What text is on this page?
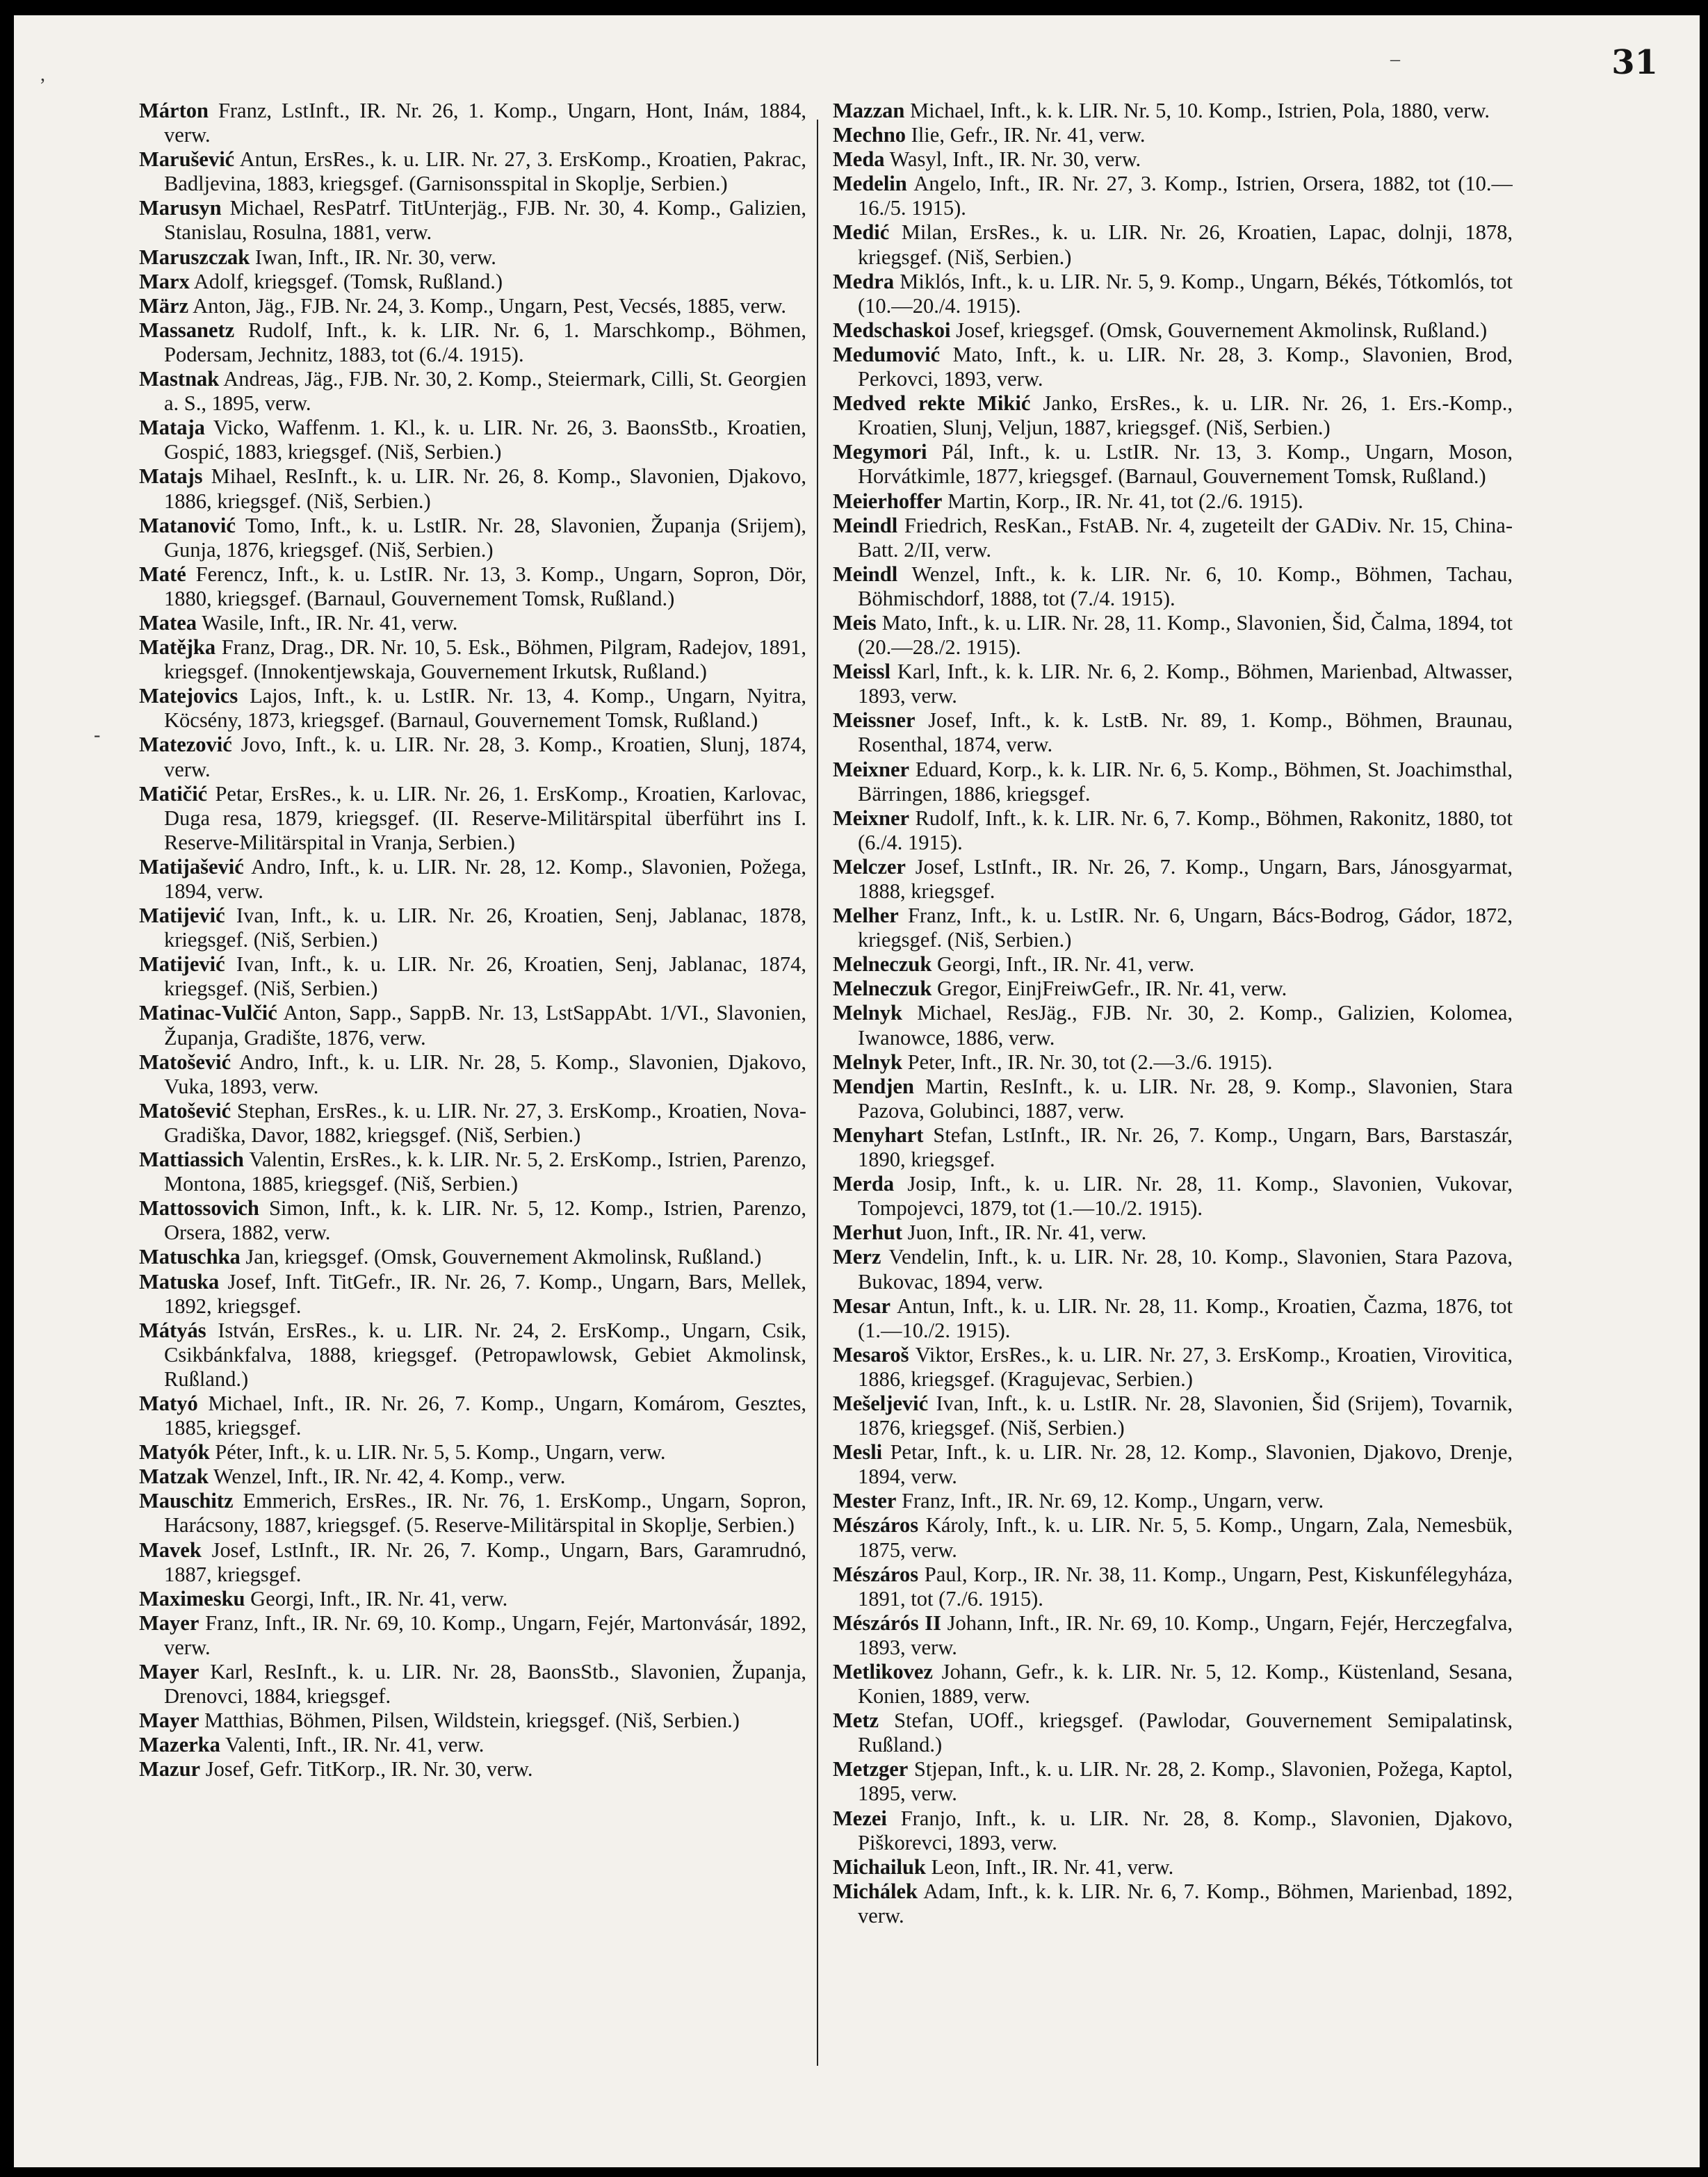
31
,
-
–

Márton Franz, LstInft., IR. Nr. 26, 1. Komp., Ungarn, Hont, Ináм, 1884, verw.

Marušević Antun, ErsRes., k. u. LIR. Nr. 27, 3. ErsKomp., Kroatien, Pakrac, Badljevina, 1883, kriegsgef. (Garnisonsspital in Skoplje, Serbien.)

Marusyn Michael, ResPatrf. TitUnterjäg., FJB. Nr. 30, 4. Komp., Galizien, Stanislau, Rosulna, 1881, verw.

Maruszczak Iwan, Inft., IR. Nr. 30, verw.

Marx Adolf, kriegsgef. (Tomsk, Rußland.)

März Anton, Jäg., FJB. Nr. 24, 3. Komp., Ungarn, Pest, Vecsés, 1885, verw.

Massanetz Rudolf, Inft., k. k. LIR. Nr. 6, 1. Marschkomp., Böhmen, Podersam, Jechnitz, 1883, tot (6./4. 1915).

Mastnak Andreas, Jäg., FJB. Nr. 30, 2. Komp., Steiermark, Cilli, St. Georgien a. S., 1895, verw.

Mataja Vicko, Waffenm. 1. Kl., k. u. LIR. Nr. 26, 3. BaonsStb., Kroatien, Gospić, 1883, kriegsgef. (Niš, Serbien.)

Matajs Mihael, ResInft., k. u. LIR. Nr. 26, 8. Komp., Slavonien, Djakovo, 1886, kriegsgef. (Niš, Serbien.)

Matanović Tomo, Inft., k. u. LstIR. Nr. 28, Slavonien, Županja (Srijem), Gunja, 1876, kriegsgef. (Niš, Serbien.)

Maté Ferencz, Inft., k. u. LstIR. Nr. 13, 3. Komp., Ungarn, Sopron, Dör, 1880, kriegsgef. (Barnaul, Gouvernement Tomsk, Rußland.)

Matea Wasile, Inft., IR. Nr. 41, verw.

Matějka Franz, Drag., DR. Nr. 10, 5. Esk., Böhmen, Pilgram, Radejov, 1891, kriegsgef. (Innokentjewskaja, Gouvernement Irkutsk, Rußland.)

Matejovics Lajos, Inft., k. u. LstIR. Nr. 13, 4. Komp., Ungarn, Nyitra, Köcsény, 1873, kriegsgef. (Barnaul, Gouvernement Tomsk, Rußland.)

Matezović Jovo, Inft., k. u. LIR. Nr. 28, 3. Komp., Kroatien, Slunj, 1874, verw.

Matičić Petar, ErsRes., k. u. LIR. Nr. 26, 1. ErsKomp., Kroatien, Karlovac, Duga resa, 1879, kriegsgef. (II. Reserve-Militärspital überführt ins I. Reserve-Militärspital in Vranja, Serbien.)

Matijašević Andro, Inft., k. u. LIR. Nr. 28, 12. Komp., Slavonien, Požega, 1894, verw.

Matijević Ivan, Inft., k. u. LIR. Nr. 26, Kroatien, Senj, Jablanac, 1878, kriegsgef. (Niš, Serbien.)

Matijević Ivan, Inft., k. u. LIR. Nr. 26, Kroatien, Senj, Jablanac, 1874, kriegsgef. (Niš, Serbien.)

Matinac-Vulčić Anton, Sapp., SappB. Nr. 13, LstSappAbt. 1/VI., Slavonien, Županja, Gradište, 1876, verw.

Matošević Andro, Inft., k. u. LIR. Nr. 28, 5. Komp., Slavonien, Djakovo, Vuka, 1893, verw.

Matošević Stephan, ErsRes., k. u. LIR. Nr. 27, 3. ErsKomp., Kroatien, Nova-Gradiška, Davor, 1882, kriegsgef. (Niš, Serbien.)

Mattiassich Valentin, ErsRes., k. k. LIR. Nr. 5, 2. ErsKomp., Istrien, Parenzo, Montona, 1885, kriegsgef. (Niš, Serbien.)

Mattossovich Simon, Inft., k. k. LIR. Nr. 5, 12. Komp., Istrien, Parenzo, Orsera, 1882, verw.

Matuschka Jan, kriegsgef. (Omsk, Gouvernement Akmolinsk, Rußland.)

Matuska Josef, Inft. TitGefr., IR. Nr. 26, 7. Komp., Ungarn, Bars, Mellek, 1892, kriegsgef.

Mátyás István, ErsRes., k. u. LIR. Nr. 24, 2. ErsKomp., Ungarn, Csik, Csikbánkfalva, 1888, kriegsgef. (Petropawlowsk, Gebiet Akmolinsk, Rußland.)

Matyó Michael, Inft., IR. Nr. 26, 7. Komp., Ungarn, Komárom, Gesztes, 1885, kriegsgef.

Matyók Péter, Inft., k. u. LIR. Nr. 5, 5. Komp., Ungarn, verw.

Matzak Wenzel, Inft., IR. Nr. 42, 4. Komp., verw.

Mauschitz Emmerich, ErsRes., IR. Nr. 76, 1. ErsKomp., Ungarn, Sopron, Harácsony, 1887, kriegsgef. (5. Reserve-Militärspital in Skoplje, Serbien.)

Mavek Josef, LstInft., IR. Nr. 26, 7. Komp., Ungarn, Bars, Garamrudnó, 1887, kriegsgef.

Maximesku Georgi, Inft., IR. Nr. 41, verw.

Mayer Franz, Inft., IR. Nr. 69, 10. Komp., Ungarn, Fejér, Martonvásár, 1892, verw.

Mayer Karl, ResInft., k. u. LIR. Nr. 28, BaonsStb., Slavonien, Županja, Drenovci, 1884, kriegsgef.

Mayer Matthias, Böhmen, Pilsen, Wildstein, kriegsgef. (Niš, Serbien.)

Mazerka Valenti, Inft., IR. Nr. 41, verw.

Mazur Josef, Gefr. TitKorp., IR. Nr. 30, verw.

Mazzan Michael, Inft., k. k. LIR. Nr. 5, 10. Komp., Istrien, Pola, 1880, verw.

Mechno Ilie, Gefr., IR. Nr. 41, verw.

Meda Wasyl, Inft., IR. Nr. 30, verw.

Medelin Angelo, Inft., IR. Nr. 27, 3. Komp., Istrien, Orsera, 1882, tot (10.—16./5. 1915).

Medić Milan, ErsRes., k. u. LIR. Nr. 26, Kroatien, Lapac, dolnji, 1878, kriegsgef. (Niš, Serbien.)

Medra Miklós, Inft., k. u. LIR. Nr. 5, 9. Komp., Ungarn, Békés, Tótkomlós, tot (10.—20./4. 1915).

Medschaskoi Josef, kriegsgef. (Omsk, Gouvernement Akmolinsk, Rußland.)

Medumović Mato, Inft., k. u. LIR. Nr. 28, 3. Komp., Slavonien, Brod, Perkovci, 1893, verw.

Medved rekte Mikić Janko, ErsRes., k. u. LIR. Nr. 26, 1. Ers.-Komp., Kroatien, Slunj, Veljun, 1887, kriegsgef. (Niš, Serbien.)

Megymori Pál, Inft., k. u. LstIR. Nr. 13, 3. Komp., Ungarn, Moson, Horvátkimle, 1877, kriegsgef. (Barnaul, Gouvernement Tomsk, Rußland.)

Meierhoffer Martin, Korp., IR. Nr. 41, tot (2./6. 1915).

Meindl Friedrich, ResKan., FstAB. Nr. 4, zugeteilt der GADiv. Nr. 15, China-Batt. 2/II, verw.

Meindl Wenzel, Inft., k. k. LIR. Nr. 6, 10. Komp., Böhmen, Tachau, Böhmischdorf, 1888, tot (7./4. 1915).

Meis Mato, Inft., k. u. LIR. Nr. 28, 11. Komp., Slavonien, Šid, Čalma, 1894, tot (20.—28./2. 1915).

Meissl Karl, Inft., k. k. LIR. Nr. 6, 2. Komp., Böhmen, Marienbad, Altwasser, 1893, verw.

Meissner Josef, Inft., k. k. LstB. Nr. 89, 1. Komp., Böhmen, Braunau, Rosenthal, 1874, verw.

Meixner Eduard, Korp., k. k. LIR. Nr. 6, 5. Komp., Böhmen, St. Joachimsthal, Bärringen, 1886, kriegsgef.

Meixner Rudolf, Inft., k. k. LIR. Nr. 6, 7. Komp., Böhmen, Rakonitz, 1880, tot (6./4. 1915).

Melczer Josef, LstInft., IR. Nr. 26, 7. Komp., Ungarn, Bars, Jánosgyarmat, 1888, kriegsgef.

Melher Franz, Inft., k. u. LstIR. Nr. 6, Ungarn, Bács-Bodrog, Gádor, 1872, kriegsgef. (Niš, Serbien.)

Melneczuk Georgi, Inft., IR. Nr. 41, verw.

Melneczuk Gregor, EinjFreiwGefr., IR. Nr. 41, verw.

Melnyk Michael, ResJäg., FJB. Nr. 30, 2. Komp., Galizien, Kolomea, Iwanowce, 1886, verw.

Melnyk Peter, Inft., IR. Nr. 30, tot (2.—3./6. 1915).

Mendjen Martin, ResInft., k. u. LIR. Nr. 28, 9. Komp., Slavonien, Stara Pazova, Golubinci, 1887, verw.

Menyhart Stefan, LstInft., IR. Nr. 26, 7. Komp., Ungarn, Bars, Barstaszár, 1890, kriegsgef.

Merda Josip, Inft., k. u. LIR. Nr. 28, 11. Komp., Slavonien, Vukovar, Tompojevci, 1879, tot (1.—10./2. 1915).

Merhut Juon, Inft., IR. Nr. 41, verw.

Merz Vendelin, Inft., k. u. LIR. Nr. 28, 10. Komp., Slavonien, Stara Pazova, Bukovac, 1894, verw.

Mesar Antun, Inft., k. u. LIR. Nr. 28, 11. Komp., Kroatien, Čazma, 1876, tot (1.—10./2. 1915).

Mesaroš Viktor, ErsRes., k. u. LIR. Nr. 27, 3. ErsKomp., Kroatien, Virovitica, 1886, kriegsgef. (Kragujevac, Serbien.)

Mešeljević Ivan, Inft., k. u. LstIR. Nr. 28, Slavonien, Šid (Srijem), Tovarnik, 1876, kriegsgef. (Niš, Serbien.)

Mesli Petar, Inft., k. u. LIR. Nr. 28, 12. Komp., Slavonien, Djakovo, Drenje, 1894, verw.

Mester Franz, Inft., IR. Nr. 69, 12. Komp., Ungarn, verw.

Mészáros Károly, Inft., k. u. LIR. Nr. 5, 5. Komp., Ungarn, Zala, Nemesbük, 1875, verw.

Mészáros Paul, Korp., IR. Nr. 38, 11. Komp., Ungarn, Pest, Kiskunfélegyháza, 1891, tot (7./6. 1915).

Mészárós II Johann, Inft., IR. Nr. 69, 10. Komp., Ungarn, Fejér, Herczegfalva, 1893, verw.

Metlikovez Johann, Gefr., k. k. LIR. Nr. 5, 12. Komp., Küstenland, Sesana, Konien, 1889, verw.

Metz Stefan, UOff., kriegsgef. (Pawlodar, Gouvernement Semipalatinsk, Rußland.)

Metzger Stjepan, Inft., k. u. LIR. Nr. 28, 2. Komp., Slavonien, Požega, Kaptol, 1895, verw.

Mezei Franjo, Inft., k. u. LIR. Nr. 28, 8. Komp., Slavonien, Djakovo, Piškorevci, 1893, verw.

Michailuk Leon, Inft., IR. Nr. 41, verw.

Michálek Adam, Inft., k. k. LIR. Nr. 6, 7. Komp., Böhmen, Marienbad, 1892, verw.
